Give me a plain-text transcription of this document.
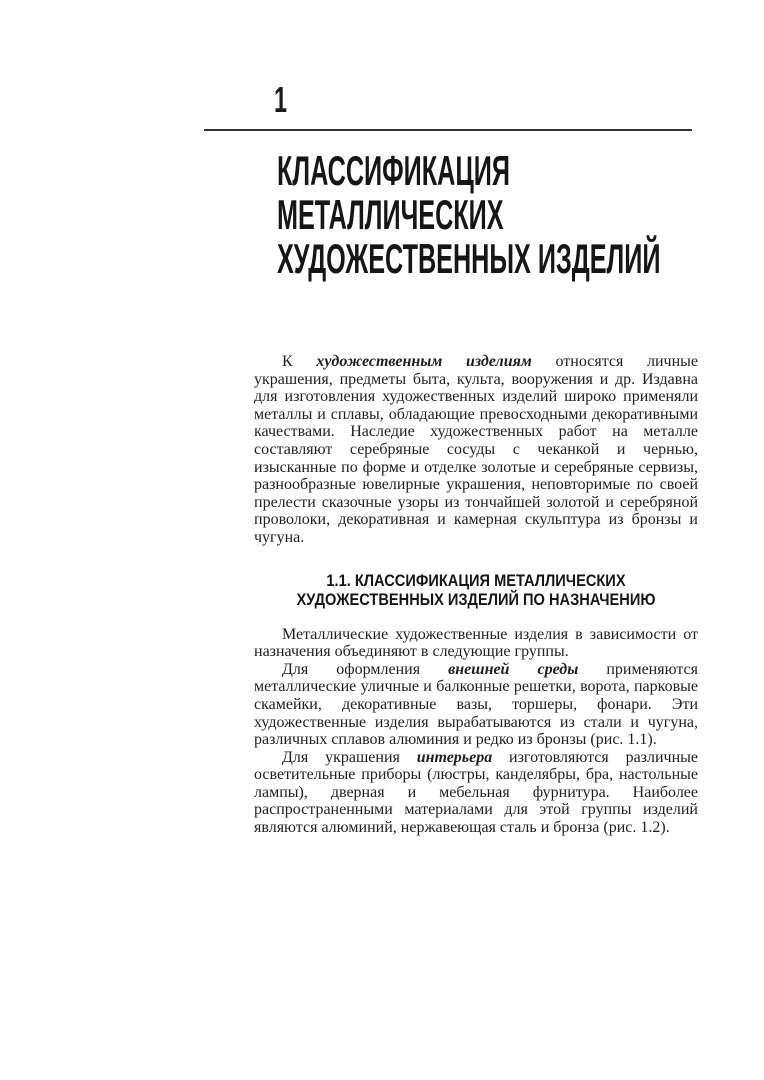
1
КЛАССИФИКАЦИЯ
МЕТАЛЛИЧЕСКИХ
ХУДОЖЕСТВЕННЫХ ИЗДЕЛИЙ

К художественным изделиям относятся личные украшения, предметы быта, культа, вооружения и др. Издавна для изготовления художественных изделий широко применяли металлы и сплавы, обладающие превосходными декоративными качествами. Наследие художественных работ на металле составляют серебряные сосуды с чеканкой и чернью, изысканные по форме и отделке золотые и серебряные сервизы, разнообразные ювелирные украшения, неповторимые по своей прелести сказочные узоры из тончайшей золотой и серебряной проволоки, декоративная и камерная скульптура из бронзы и чугуна.

1.1. КЛАССИФИКАЦИЯ МЕТАЛЛИЧЕСКИХ
ХУДОЖЕСТВЕННЫХ ИЗДЕЛИЙ ПО НАЗНАЧЕНИЮ

Металлические художественные изделия в зависимости от назначения объединяют в следующие группы.

Для оформления внешней среды применяются металлические уличные и балконные решетки, ворота, парковые скамейки, декоративные вазы, торшеры, фонари. Эти художественные изделия вырабатываются из стали и чугуна, различных сплавов алюминия и редко из бронзы (рис. 1.1).

Для украшения интерьера изготовляются различные осветительные приборы (люстры, канделябры, бра, настольные лампы), дверная и мебельная фурнитура. Наиболее распространенными материалами для этой группы изделий являются алюминий, нержавеющая сталь и бронза (рис. 1.2).
